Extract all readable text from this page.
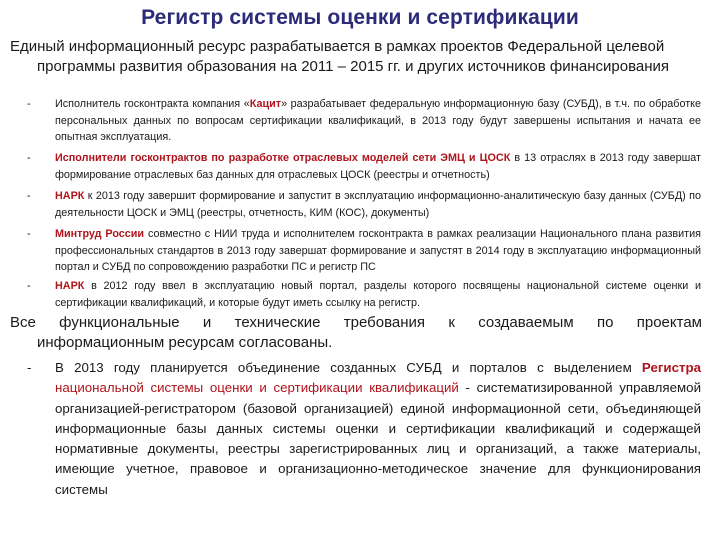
Регистр системы оценки и сертификации
Единый информационный ресурс разрабатывается в рамках проектов Федеральной целевой программы развития образования на 2011 – 2015 гг. и других источников финансирования
- Исполнитель госконтракта компания «Кацит» разрабатывает федеральную информационную базу (СУБД), в т.ч. по обработке персональных данных по вопросам сертификации квалификаций, в 2013 году будут завершены испытания и начата ее опытная эксплуатация.
- Исполнители госконтрактов по разработке отраслевых моделей сети ЭМЦ и ЦОСК в 13 отраслях в 2013 году завершат формирование отраслевых баз данных для отраслевых ЦОСК (реестры и отчетность)
- НАРК к 2013 году завершит формирование и запустит в эксплуатацию информационно-аналитическую базу данных (СУБД) по деятельности ЦОСК и ЭМЦ (реестры, отчетность, КИМ (КОС), документы)
- Минтруд России совместно с НИИ труда и исполнителем госконтракта в рамках реализации Национального плана развития профессиональных стандартов в 2013 году завершат формирование и запустят в 2014 году в эксплуатацию информационный портал и СУБД по сопровождению разработки ПС и регистр ПС
- НАРК в 2012 году ввел в эксплуатацию новый портал, разделы которого посвящены национальной системе оценки и сертификации квалификаций, и которые будут иметь ссылку на регистр.
Все функциональные и технические требования к создаваемым по проектам
информационным ресурсам согласованы.
- В 2013 году планируется объединение созданных СУБД и порталов с выделением Регистра национальной системы оценки и сертификации квалификаций - систематизированной управляемой организацией-регистратором (базовой организацией) единой информационной сети, объединяющей информационные базы данных системы оценки и сертификации квалификаций и содержащей нормативные документы, реестры зарегистрированных лиц и организаций, а также материалы, имеющие учетное, правовое и организационно-методическое значение для функционирования системы
